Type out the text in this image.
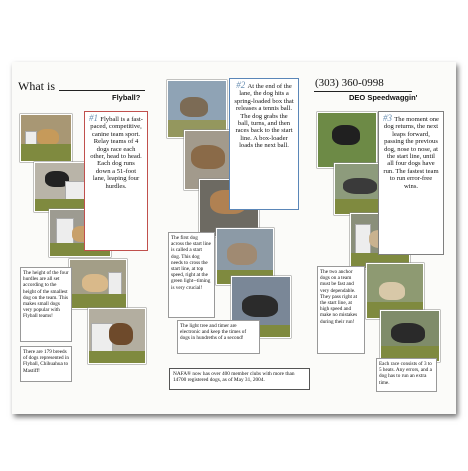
What is
Flyball?
(303) 360-0998
DEO Speedwaggin'
#1 Flyball is a fast-paced, competitive, canine team sport. Relay teams of 4 dogs race each other, head to head. Each dog runs down a 51-foot lane, leaping four hurdles.
The height of the four hurdles are all set according to the height of the smallest dog on the team. This makes small dogs very popular with Flyball teams!
There are 179 breeds of dogs represented in Flyball, Chihuahua to Mastiff!
#2 At the end of the lane, the dog hits a spring-loaded box that releases a tennis ball. The dog grabs the ball, turns, and then races back to the start line. A box-loader loads the next ball.
The first dog across the start line is called a start dog. This dog needs to cross the start line, at top speed, right at the green light--timing is very crucial!
The light tree and timer are electronic and keep the times of dogs in hundreths of a second!
NAFA® now has over 400 member clubs with more than 14700 registered dogs, as of May 31, 2004.
#3 The moment one dog returns, the next leaps forward, passing the previous dog, nose to nose, at the start line, until all four dogs have run. The fastest team to run error-free wins.
The two anchor dogs on a team must be fast and very dependable. They pass right at the start line, at high speed and make no mistakes during their run!
Each race consists of 3 to 5 heats. Any errors, and a dog has to run an extra time.
